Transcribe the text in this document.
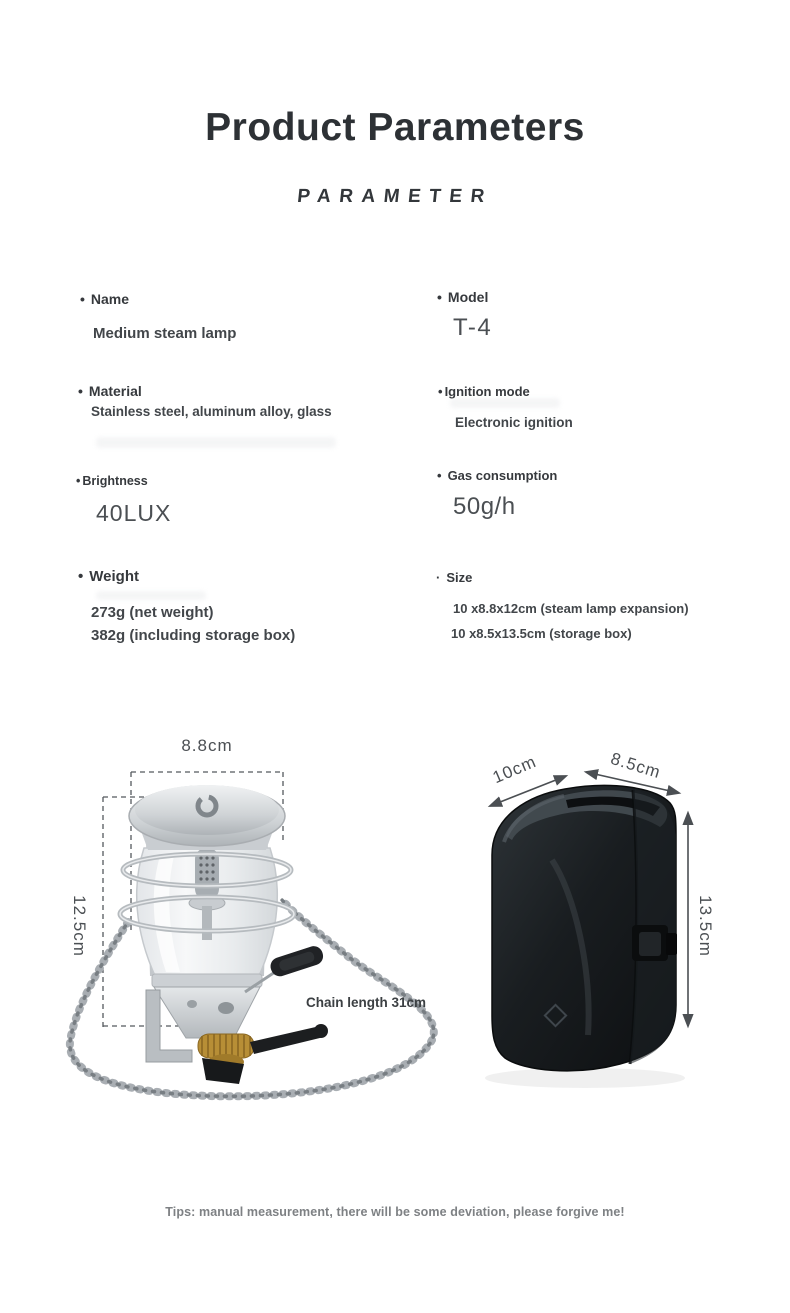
Product Parameters
PARAMETER
• Name
Medium steam lamp
• Model
T-4
• Material
Stainless steel, aluminum alloy, glass
• Ignition mode
Electronic ignition
• Brightness
40LUX
• Gas consumption
50g/h
• Weight
273g (net weight)
382g (including storage box)
· Size
10 x8.8x12cm (steam lamp expansion)
10 x8.5x13.5cm (storage box)
8.8cm
12.5cm
Chain length 31cm
10cm	8.5cm
13.5cm
Tips: manual measurement, there will be some deviation, please forgive me!
